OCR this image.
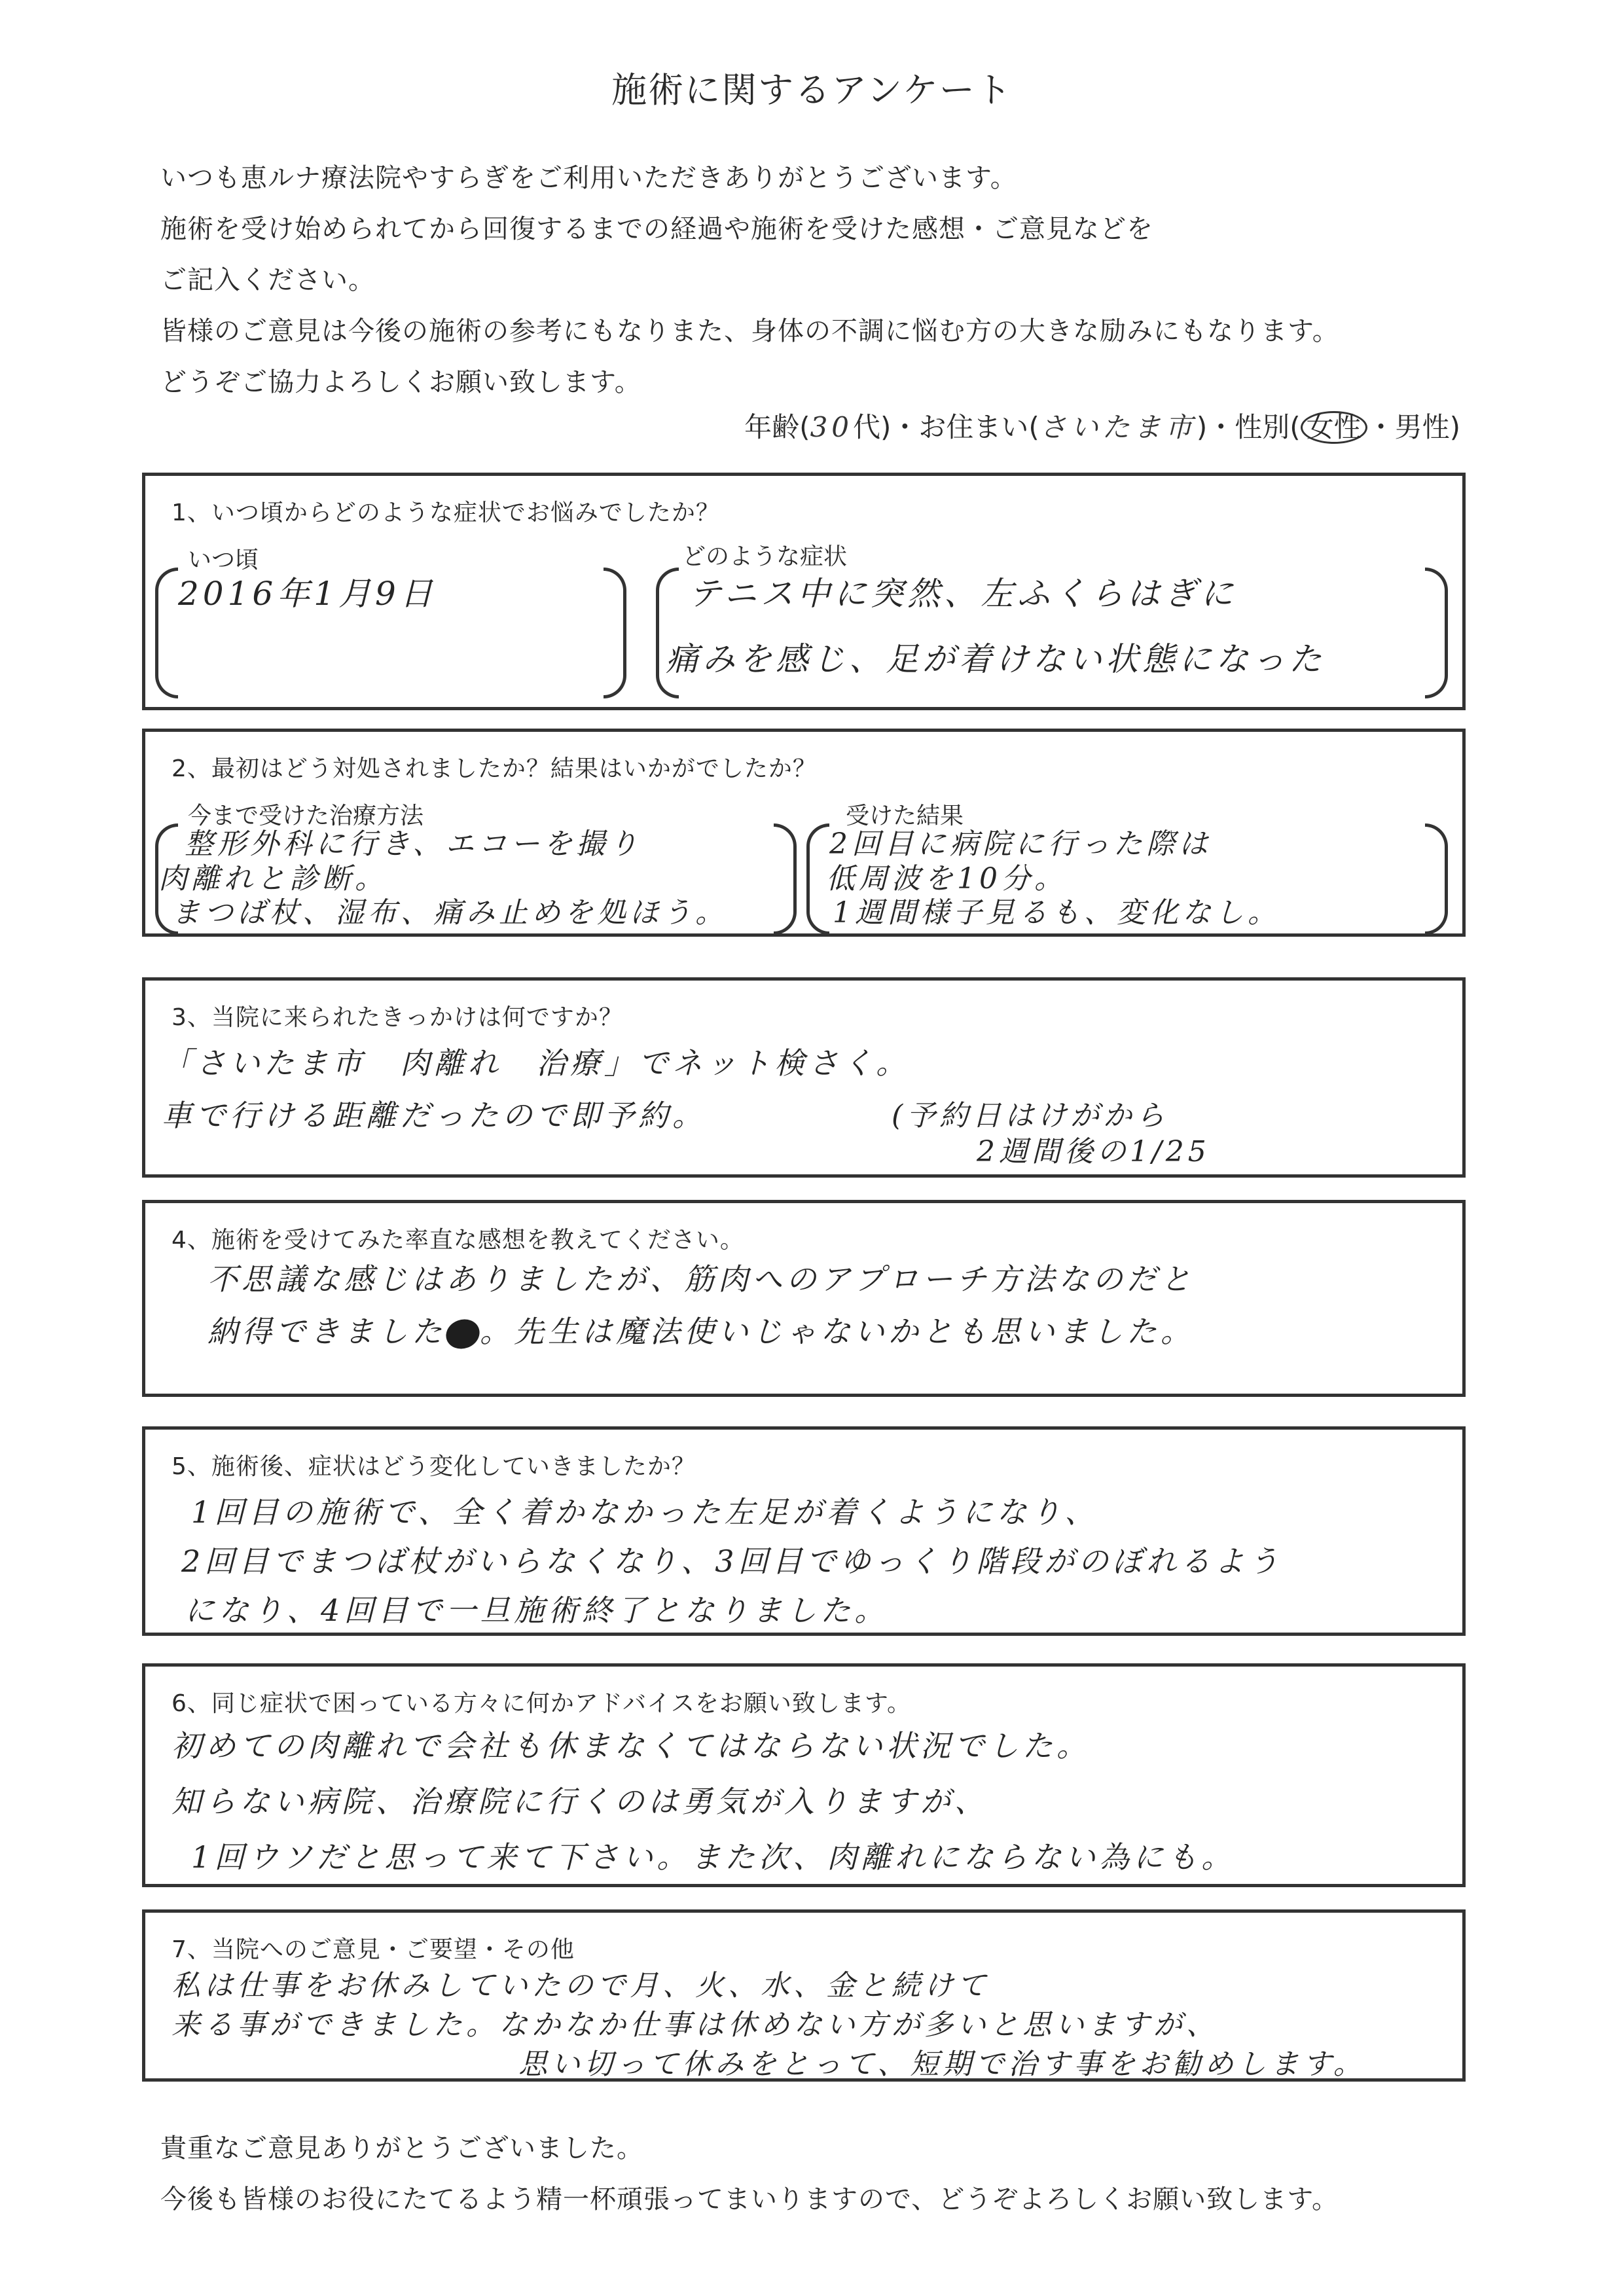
施術に関するアンケート
いつも恵ルナ療法院やすらぎをご利用いただきありがとうございます。
施術を受け始められてから回復するまでの経過や施術を受けた感想・ご意見などを
ご記入ください。
皆様のご意見は今後の施術の参考にもなりまた、身体の不調に悩む方の大きな励みにもなります。
どうぞご協力よろしくお願い致します。
年齢(30代)・お住まい(さいたま市)・性別( 女性 ・男性)
1、いつ頃からどのような症状でお悩みでしたか？
いつ頃
2016年1月9日
どのような症状
テニス中に突然、左ふくらはぎに
痛みを感じ、足が着けない状態になった
2、最初はどう対処されましたか？結果はいかがでしたか？
今まで受けた治療方法
整形外科に行き、エコーを撮り
肉離れと診断。
まつば杖、湿布、痛み止めを処ほう。
受けた結果
2回目に病院に行った際は
低周波を10分。
1週間様子見るも、変化なし。
3、当院に来られたきっかけは何ですか？
「さいたま市　肉離れ　治療」でネット検さく。
車で行ける距離だったので即予約。	(予約日はけがから
2週間後の1/25
4、施術を受けてみた率直な感想を教えてください。
不思議な感じはありましたが、筋肉へのアプローチ方法なのだと
納得できました 。先生は魔法使いじゃないかとも思いました。
5、施術後、症状はどう変化していきましたか？
1回目の施術で、全く着かなかった左足が着くようになり、
2回目でまつば杖がいらなくなり、3回目でゆっくり階段がのぼれるよう
になり、4回目で一旦施術終了となりました。
6、同じ症状で困っている方々に何かアドバイスをお願い致します。
初めての肉離れで会社も休まなくてはならない状況でした。
知らない病院、治療院に行くのは勇気が入りますが、
1回ウソだと思って来て下さい。また次、肉離れにならない為にも。
7、当院へのご意見・ご要望・その他
私は仕事をお休みしていたので月、火、水、金と続けて
来る事ができました。なかなか仕事は休めない方が多いと思いますが、
思い切って休みをとって、短期で治す事をお勧めします。
貴重なご意見ありがとうございました。
今後も皆様のお役にたてるよう精一杯頑張ってまいりますので、どうぞよろしくお願い致します。
